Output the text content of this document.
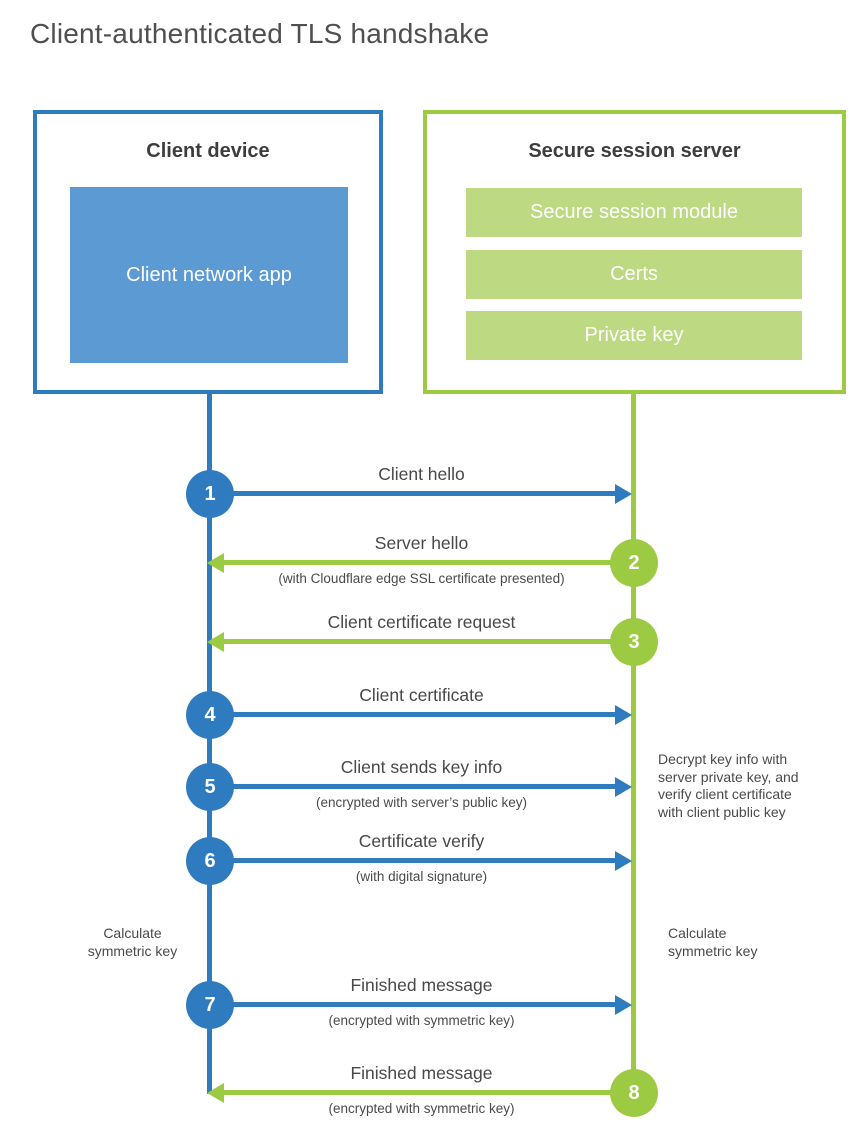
Client-authenticated TLS handshake
Client device
Client network app
Secure session server
Secure session module
Certs
Private key
Client hello
1
Server hello
(with Cloudflare edge SSL certificate presented)
2
Client certificate request
3
Client certificate
4
Client sends key info
(encrypted with server’s public key)
5
Certificate verify
(with digital signature)
6
Finished message
(encrypted with symmetric key)
7
Finished message
(encrypted with symmetric key)
8
Calculate
symmetric key
Calculate
symmetric key
Decrypt key info with
server private key, and
verify client certificate
with client public key
